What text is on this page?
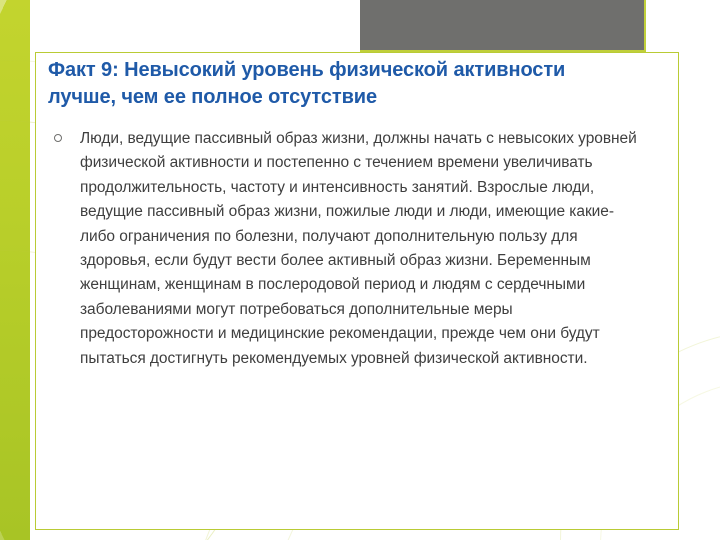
Факт 9: Невысокий уровень физической активности лучше, чем ее полное отсутствие
Люди, ведущие пассивный образ жизни, должны начать с невысоких уровней физической активности и постепенно с течением времени увеличивать продолжительность, частоту и интенсивность занятий. Взрослые люди, ведущие пассивный образ жизни, пожилые люди и люди, имеющие какие-либо ограничения по болезни, получают дополнительную пользу для здоровья, если будут вести более активный образ жизни. Беременным женщинам, женщинам в послеродовой период и людям с сердечными заболеваниями могут потребоваться дополнительные меры предосторожности и медицинские рекомендации, прежде чем они будут пытаться достигнуть рекомендуемых уровней физической активности.
